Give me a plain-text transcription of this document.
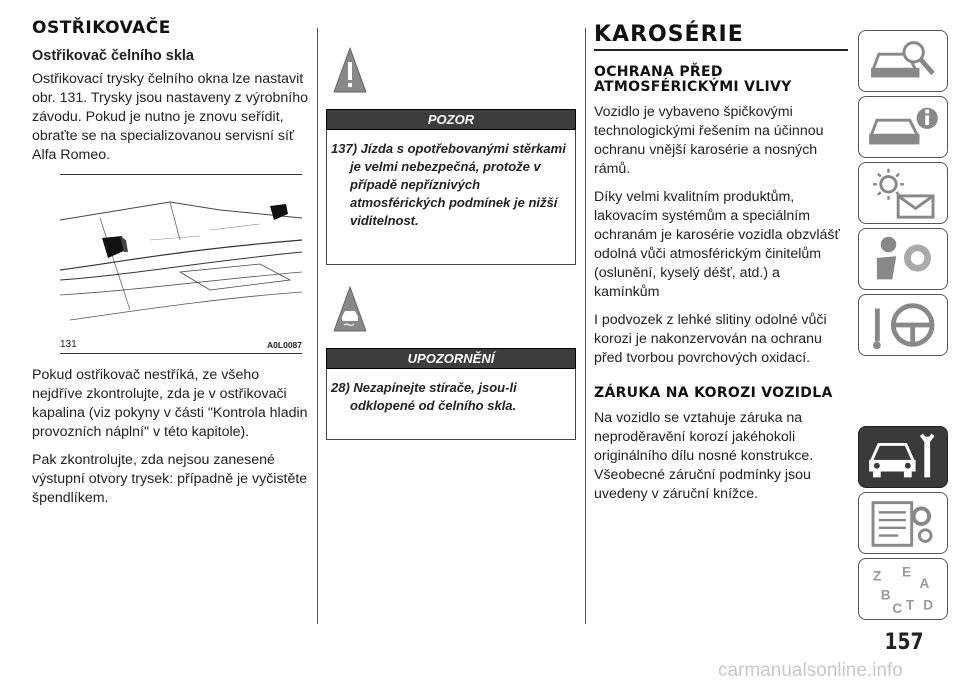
OSTŘIKOVAČE
Ostřikovač čelního skla

Ostřikovací trysky čelního okna lze nastavit obr. 131. Trysky jsou nastaveny z výrobního závodu. Pokud je nutno je znovu seřídit, obraťte se na specializovanou servisní síť Alfa Romeo.

131	A0L0087

Pokud ostřikovač nestříká, ze všeho nejdříve zkontrolujte, zda je v ostřikovači kapalina (viz pokyny v části "Kontrola hladin provozních náplní" v této kapitole).

Pak zkontrolujte, zda nejsou zanesené výstupní otvory trysek: případně je vyčistěte špendlíkem.

POZOR

137) Jízda s opotřebovanými stěrkami je velmi nebezpečná, protože v případě nepříznivých atmosférických podmínek je nižší viditelnost.

UPOZORNĚNÍ

28) Nezapínejte stírače, jsou-li odklopené od čelního skla.

KAROSÉRIE
OCHRANA PŘED ATMOSFÉRICKÝMI VLIVY

Vozidlo je vybaveno špičkovými technologickými řešením na účinnou ochranu vnější karosérie a nosných rámů.

Díky velmi kvalitním produktům, lakovacím systémům a speciálním ochranám je karosérie vozidla obzvlášť odolná vůči atmosférickým činitelům (oslunění, kyselý déšť, atd.) a kamínkům

I podvozek z lehké slitiny odolné vůči korozi je nakonzervován na ochranu před tvorbou povrchových oxidací.

ZÁRUKA NA KOROZI VOZIDLA

Na vozidlo se vztahuje záruka na neproděravění korozí jakéhokoli originálního dílu nosné konstrukce. Všeobecné záruční podmínky jsou uvedeny v záruční knížce.

Z E
A
B
C T D
157
carmanualsonline.info
